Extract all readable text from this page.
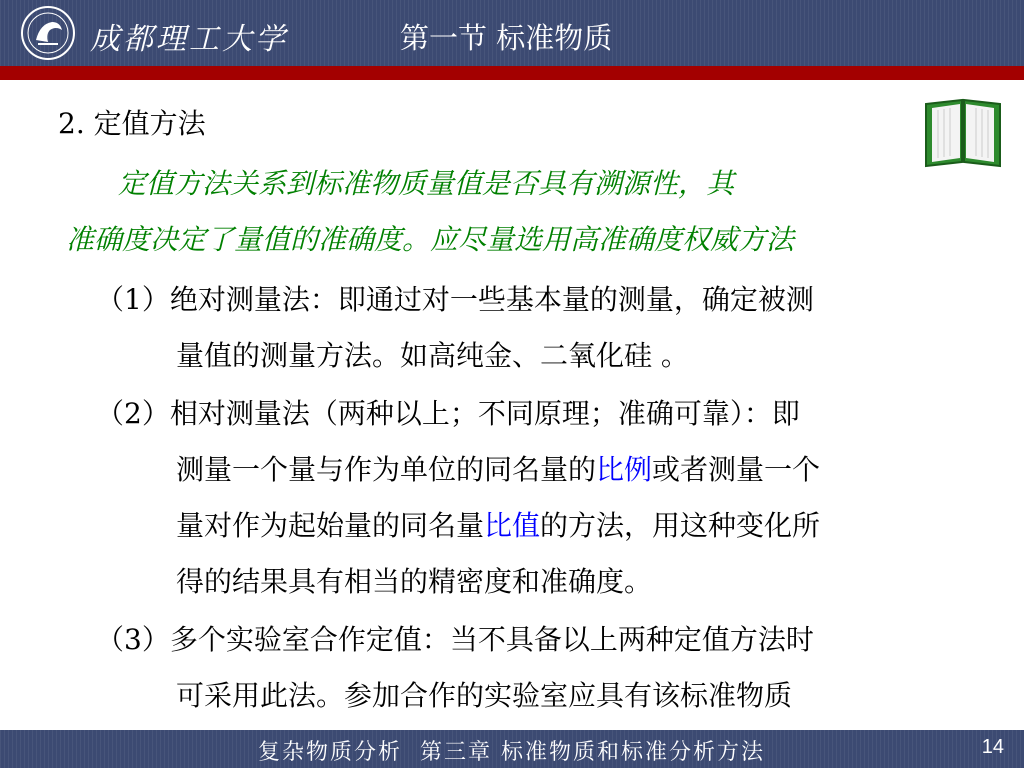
成都理工大学	第一节 标准物质
2. 定值方法
定值方法关系到标准物质量值是否具有溯源性，其
准确度决定了量值的准确度。应尽量选用高准确度权威方法
（1）绝对测量法：即通过对一些基本量的测量，确定被测
量值的测量方法。如高纯金、二氧化硅 。
（2）相对测量法（两种以上；不同原理；准确可靠）：即
测量一个量与作为单位的同名量的比例或者测量一个
量对作为起始量的同名量比值的方法，用这种变化所
得的结果具有相当的精密度和准确度。
（3）多个实验室合作定值：当不具备以上两种定值方法时
可采用此法。参加合作的实验室应具有该标准物质
复杂物质分析  第三章 标准物质和标准分析方法	14
